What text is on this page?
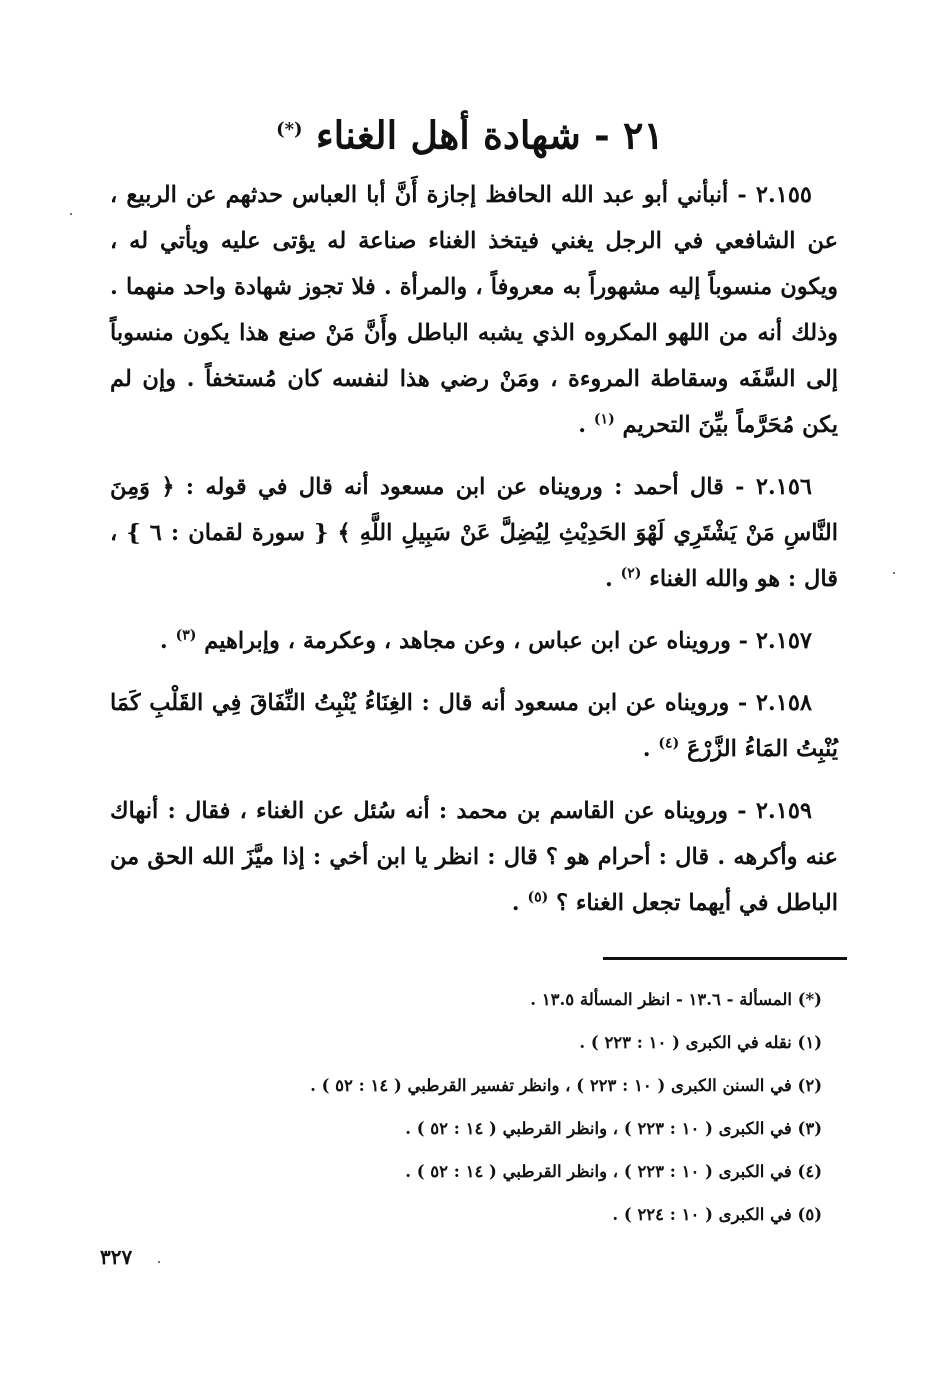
٢١ - شهادة أهل الغناء (*)

٢.١٥٥ - أنبأني أبو عبد الله الحافظ إجازة أَنَّ أبا العباس حدثهم عن الربيع ، عن الشافعي في الرجل يغني فيتخذ الغناء صناعة له يؤتى عليه ويأتي له ، ويكون منسوباً إليه مشهوراً به معروفاً ، والمرأة . فلا تجوز شهادة واحد منهما . وذلك أنه من اللهو المكروه الذي يشبه الباطل وأَنَّ مَنْ صنع هذا يكون منسوباً إلى السَّفَه وسقاطة المروءة ، ومَنْ رضي هذا لنفسه كان مُستخفاً . وإن لم يكن مُحَرَّماً بيِّنَ التحريم $^{(١)}$ .

٢.١٥٦ - قال أحمد : ورويناه عن ابن مسعود أنه قال في قوله : ﴿ وَمِنَ النَّاسِ مَنْ يَشْتَرِي لَهْوَ الحَدِيْثِ لِيُضِلَّ عَنْ سَبِيلِ اللَّهِ ﴾ { سورة لقمان : ٦ } ، قال : هو والله الغناء $^{(٢)}$ .

٢.١٥٧ - ورويناه عن ابن عباس ، وعن مجاهد ، وعكرمة ، وإبراهيم $^{(٣)}$ .

٢.١٥٨ - ورويناه عن ابن مسعود أنه قال : الغِنَاءُ يُنْبِتُ النِّفَاقَ فِي القَلْبِ كَمَا يُنْبِتُ المَاءُ الزَّرْعَ $^{(٤)}$ .

٢.١٥٩ - ورويناه عن القاسم بن محمد : أنه سُئل عن الغناء ، فقال : أنهاك عنه وأكرهه . قال : أحرام هو ؟ قال : انظر يا ابن أخي : إذا ميَّزَ الله الحق من الباطل في أيهما تجعل الغناء ؟ $^{(٥)}$ .

(*) المسألة - ١٣.٦ - انظر المسألة ١٣.٥ .

(١) نقله في الكبرى ( ١٠ : ٢٢٣ ) .

(٢) في السنن الكبرى ( ١٠ : ٢٢٣ ) ، وانظر تفسير القرطبي ( ١٤ : ٥٢ ) .

(٣) في الكبرى ( ١٠ : ٢٢٣ ) ، وانظر القرطبي ( ١٤ : ٥٢ ) .

(٤) في الكبرى ( ١٠ : ٢٢٣ ) ، وانظر القرطبي ( ١٤ : ٥٢ ) .

(٥) في الكبرى ( ١٠ : ٢٢٤ ) .

٣٢٧
